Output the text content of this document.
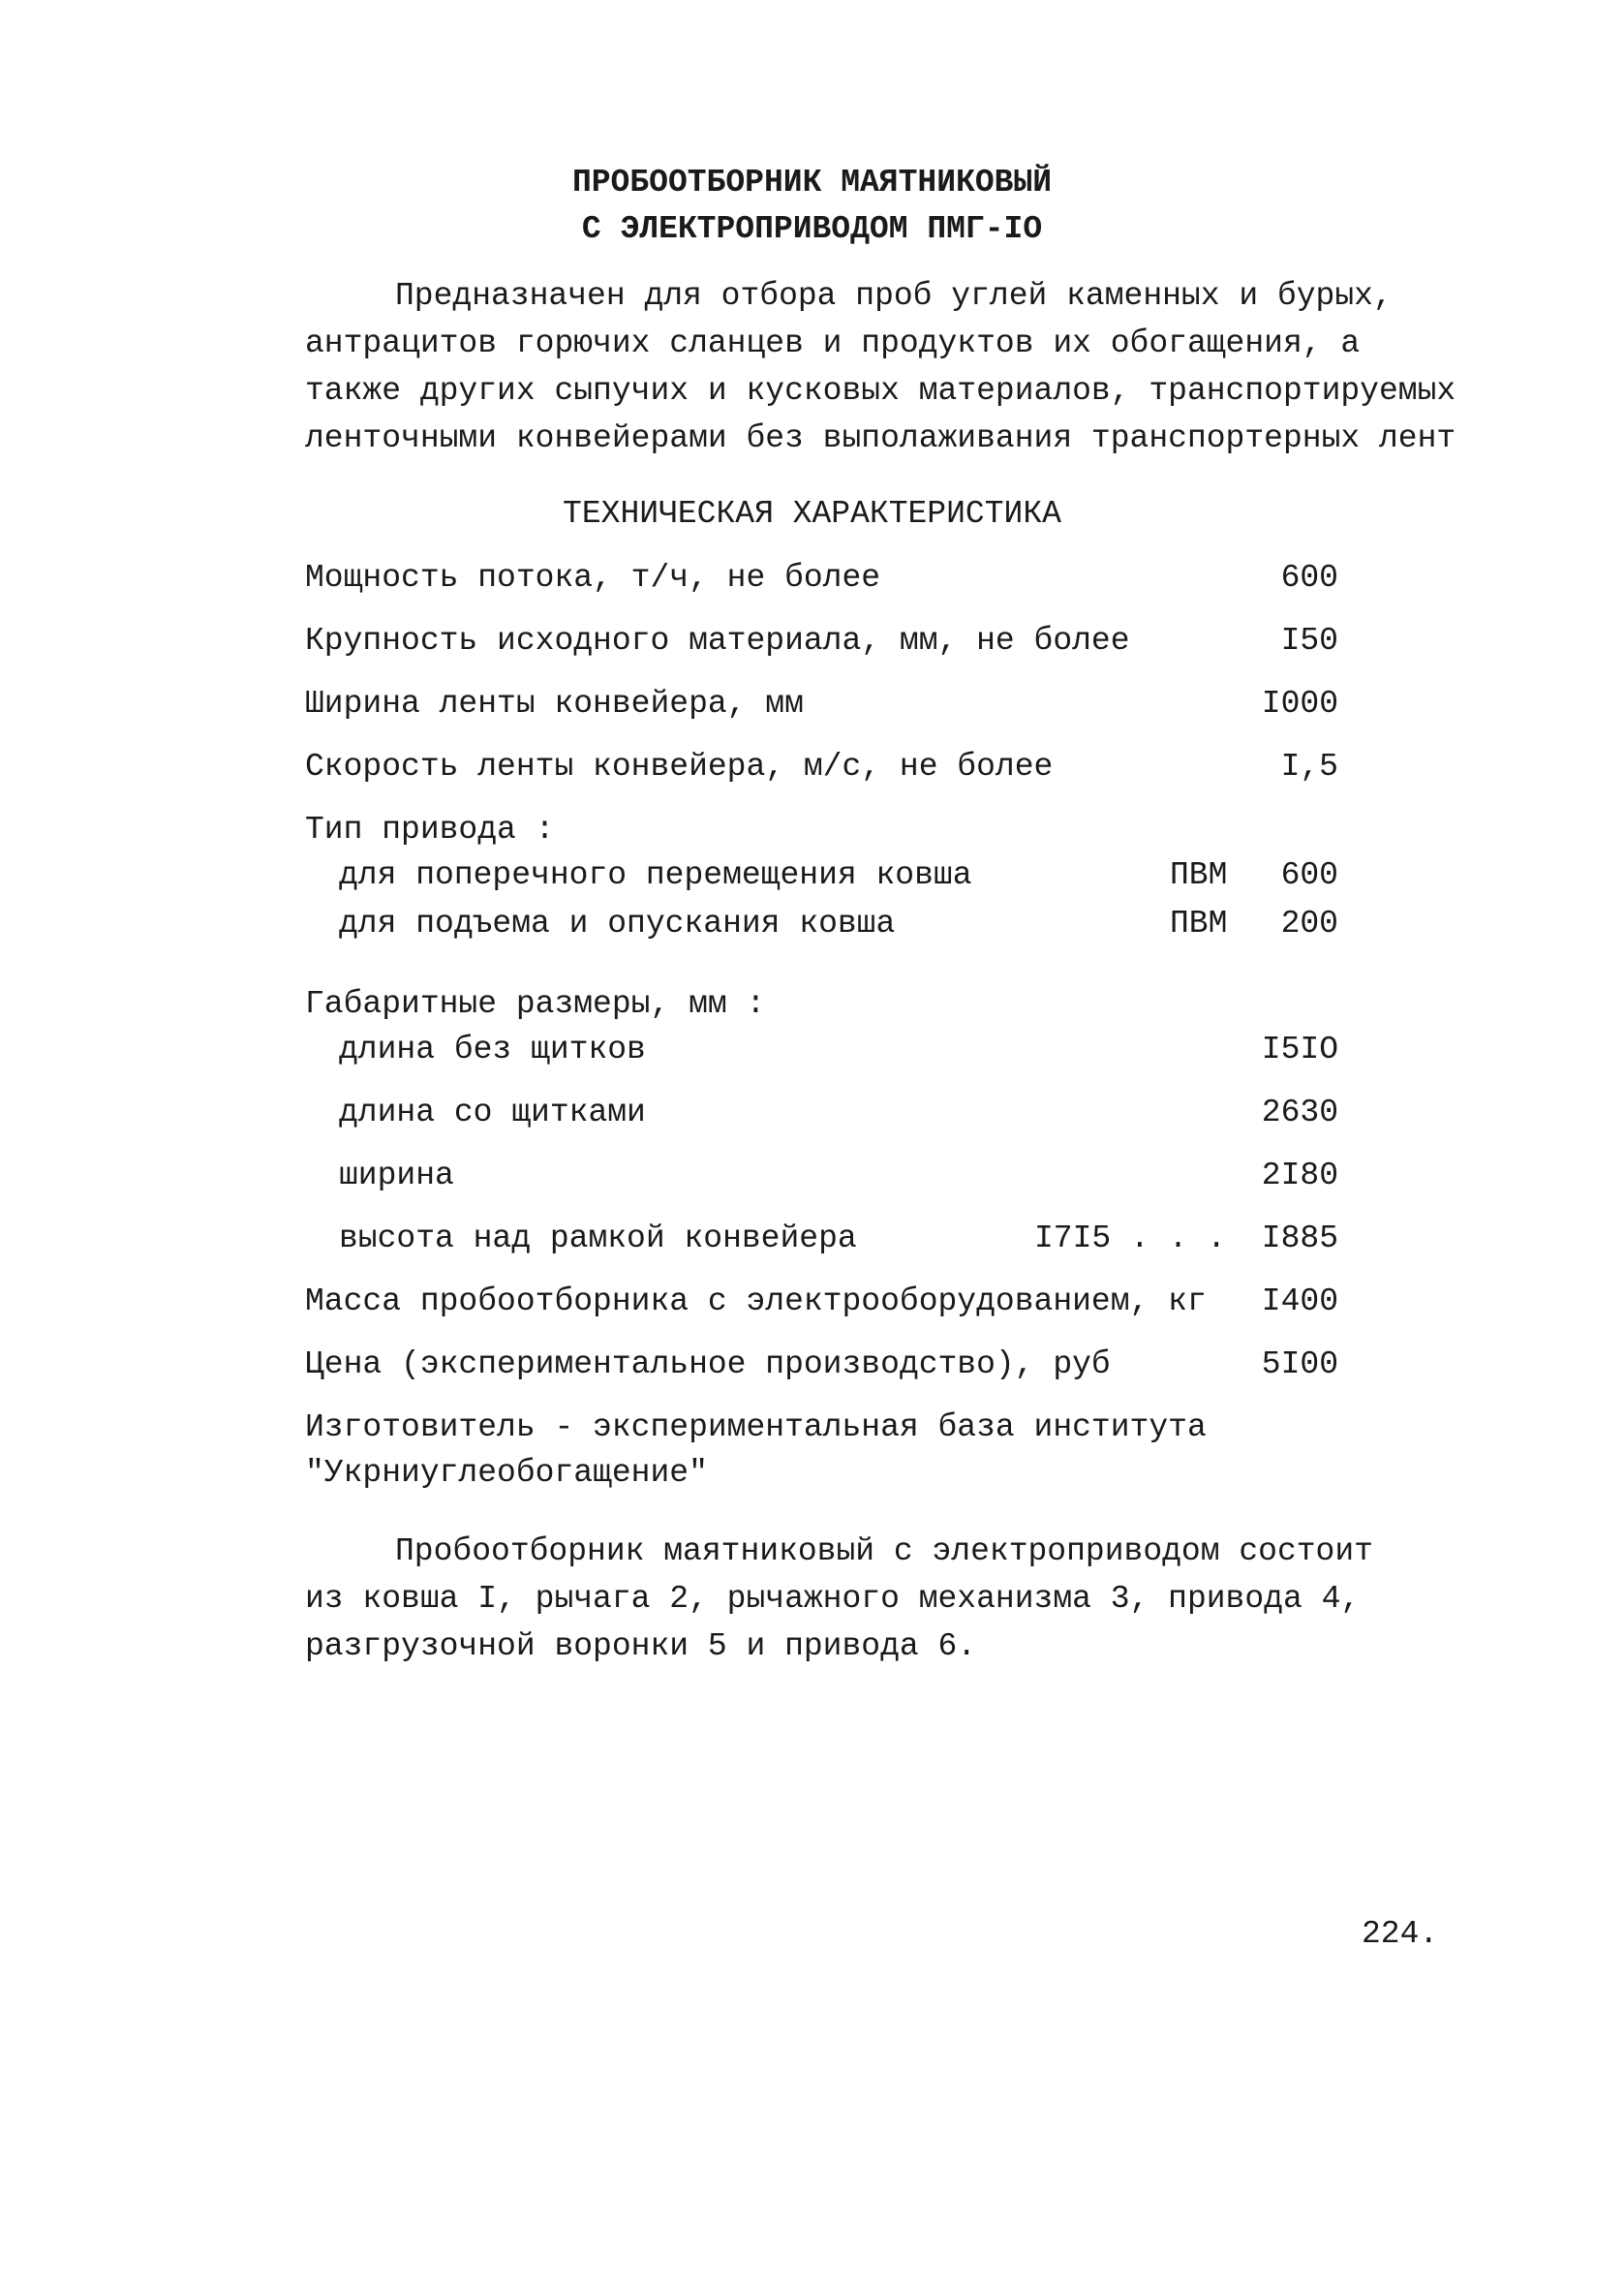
ПРОБООТБОРНИК МАЯТНИКОВЫЙ
С ЭЛЕКТРОПРИВОДОМ ПМГ-IO
Предназначен для отбора проб углей каменных и бурых,
антрацитов горючих сланцев и продуктов их обогащения, а
также других сыпучих и кусковых материалов, транспортируемых
ленточными конвейерами без выполаживания транспортерных лент
ТЕХНИЧЕСКАЯ ХАРАКТЕРИСТИКА
Мощность потока, т/ч, не более	600
Крупность исходного материала, мм, не более	I50
Ширина ленты конвейера, мм	I000
Скорость ленты конвейера, м/с, не более	I,5
Тип привода :
для поперечного перемещения ковша	ПВМ	600
для подъема и опускания ковша	ПВМ	200
Габаритные размеры, мм :
длина без щитков	I5IO
длина со щитками	2630
ширина	2I80
высота над рамкой конвейера	I7I5 . . .	I885
Масса пробоотборника с электрооборудованием, кг	I400
Цена (экспериментальное производство), руб	5I00
Изготовитель - экспериментальная база института
"Укрниуглеобогащение"
Пробоотборник маятниковый с электроприводом состоит
из ковша I, рычага 2, рычажного механизма 3, привода 4,
разгрузочной воронки 5 и привода 6.
224.
